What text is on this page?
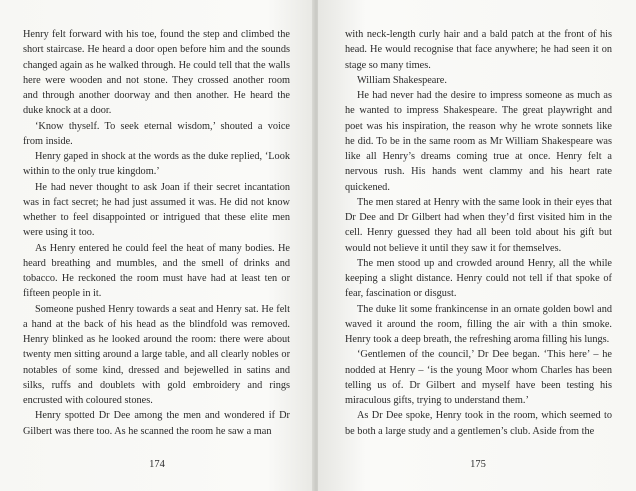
Henry felt forward with his toe, found the step and climbed the short staircase. He heard a door open before him and the sounds changed again as he walked through. He could tell that the walls here were wooden and not stone. They crossed another room and through another doorway and then another. He heard the duke knock at a door.

‘Know thyself. To seek eternal wisdom,’ shouted a voice from inside.

Henry gaped in shock at the words as the duke replied, ‘Look within to the only true kingdom.’

He had never thought to ask Joan if their secret incantation was in fact secret; he had just assumed it was. He did not know whether to feel disappointed or intrigued that these elite men were using it too.

As Henry entered he could feel the heat of many bodies. He heard breathing and mumbles, and the smell of drinks and tobacco. He reckoned the room must have had at least ten or fifteen people in it.

Someone pushed Henry towards a seat and Henry sat. He felt a hand at the back of his head as the blindfold was removed. Henry blinked as he looked around the room: there were about twenty men sitting around a large table, and all clearly nobles or notables of some kind, dressed and bejewelled in satins and silks, ruffs and doublets with gold embroidery and rings encrusted with coloured stones.

Henry spotted Dr Dee among the men and wondered if Dr Gilbert was there too. As he scanned the room he saw a man

174

with neck-length curly hair and a bald patch at the front of his head. He would recognise that face anywhere; he had seen it on stage so many times.

William Shakespeare.

He had never had the desire to impress someone as much as he wanted to impress Shakespeare. The great playwright and poet was his inspiration, the reason why he wrote sonnets like he did. To be in the same room as Mr William Shakespeare was like all Henry’s dreams coming true at once. Henry felt a nervous rush. His hands went clammy and his heart rate quickened.

The men stared at Henry with the same look in their eyes that Dr Dee and Dr Gilbert had when they’d first visited him in the cell. Henry guessed they had all been told about his gift but would not believe it until they saw it for themselves.

The men stood up and crowded around Henry, all the while keeping a slight distance. Henry could not tell if that spoke of fear, fascination or disgust.

The duke lit some frankincense in an ornate golden bowl and waved it around the room, filling the air with a thin smoke. Henry took a deep breath, the refreshing aroma filling his lungs.

‘Gentlemen of the council,’ Dr Dee began. ‘This here’ – he nodded at Henry – ‘is the young Moor whom Charles has been telling us of. Dr Gilbert and myself have been testing his miraculous gifts, trying to understand them.’

As Dr Dee spoke, Henry took in the room, which seemed to be both a large study and a gentlemen’s club. Aside from the

175
